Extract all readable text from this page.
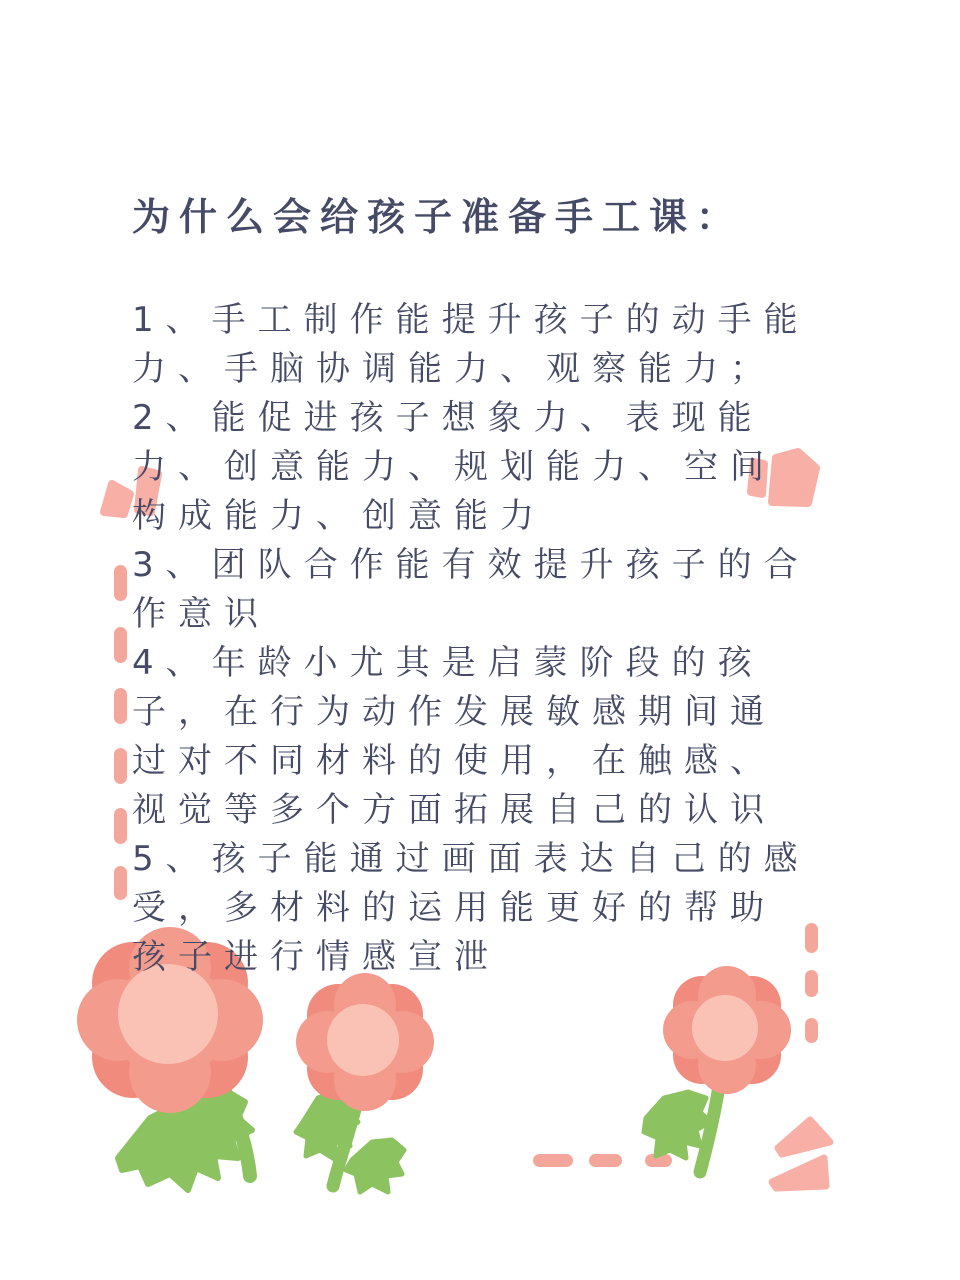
为什么会给孩子准备手工课：
1、手工制作能提升孩子的动手能
力、手脑协调能力、观察能力；
2、能促进孩子想象力、表现能
力、创意能力、规划能力、空间
构成能力、创意能力
3、团队合作能有效提升孩子的合
作意识
4、年龄小尤其是启蒙阶段的孩
子，在行为动作发展敏感期间通
过对不同材料的使用，在触感、
视觉等多个方面拓展自己的认识
5、孩子能通过画面表达自己的感
受，多材料的运用能更好的帮助
孩子进行情感宣泄
